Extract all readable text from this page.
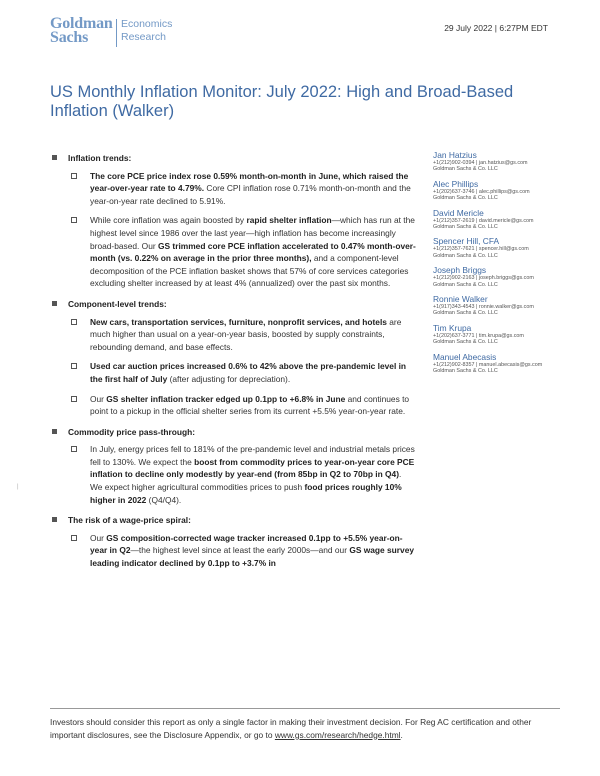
Goldman
Sachs
Economics
Research
29 July 2022 | 6:27PM EDT
US Monthly Inflation Monitor: July 2022: High and Broad-Based Inflation (Walker)
Inflation trends:
The core PCE price index rose 0.59% month-on-month in June, which raised the year-over-year rate to 4.79%. Core CPI inflation rose 0.71% month-on-month and the year-on-year rate declined to 5.91%.
While core inflation was again boosted by rapid shelter inflation—which has run at the highest level since 1986 over the last year—high inflation has become increasingly broad-based. Our GS trimmed core PCE inflation accelerated to 0.47% month-over-month (vs. 0.22% on average in the prior three months), and a component-level decomposition of the PCE inflation basket shows that 57% of core services categories excluding shelter increased by at least 4% (annualized) over the past six months.
Component-level trends:
New cars, transportation services, furniture, nonprofit services, and hotels are much higher than usual on a year-on-year basis, boosted by supply constraints, rebounding demand, and base effects.
Used car auction prices increased 0.6% to 42% above the pre-pandemic level in the first half of July (after adjusting for depreciation).
Our GS shelter inflation tracker edged up 0.1pp to +6.8% in June and continues to point to a pickup in the official shelter series from its current +5.5% year-on-year rate.
Commodity price pass-through:
In July, energy prices fell to 181% of the pre-pandemic level and industrial metals prices fell to 130%. We expect the boost from commodity prices to year-on-year core PCE inflation to decline only modestly by year-end (from 85bp in Q2 to 70bp in Q4). We expect higher agricultural commodities prices to push food prices roughly 10% higher in 2022 (Q4/Q4).
The risk of a wage-price spiral:
Our GS composition-corrected wage tracker increased 0.1pp to +5.5% year-on-year in Q2—the highest level since at least the early 2000s—and our GS wage survey leading indicator declined by 0.1pp to +3.7% in
Jan Hatzius
+1(212)902-0394 | jan.hatzius@gs.com
Goldman Sachs & Co. LLC
Alec Phillips
+1(202)637-3746 | alec.phillips@gs.com
Goldman Sachs & Co. LLC
David Mericle
+1(212)357-2619 | david.mericle@gs.com
Goldman Sachs & Co. LLC
Spencer Hill, CFA
+1(212)357-7621 | spencer.hill@gs.com
Goldman Sachs & Co. LLC
Joseph Briggs
+1(212)902-2163 | joseph.briggs@gs.com
Goldman Sachs & Co. LLC
Ronnie Walker
+1(917)343-4543 | ronnie.walker@gs.com
Goldman Sachs & Co. LLC
Tim Krupa
+1(202)637-3771 | tim.krupa@gs.com
Goldman Sachs & Co. LLC
Manuel Abecasis
+1(212)902-8357 | manuel.abecasis@gs.com
Goldman Sachs & Co. LLC
|
Investors should consider this report as only a single factor in making their investment decision. For Reg AC certification and other important disclosures, see the Disclosure Appendix, or go to www.gs.com/research/hedge.html.
